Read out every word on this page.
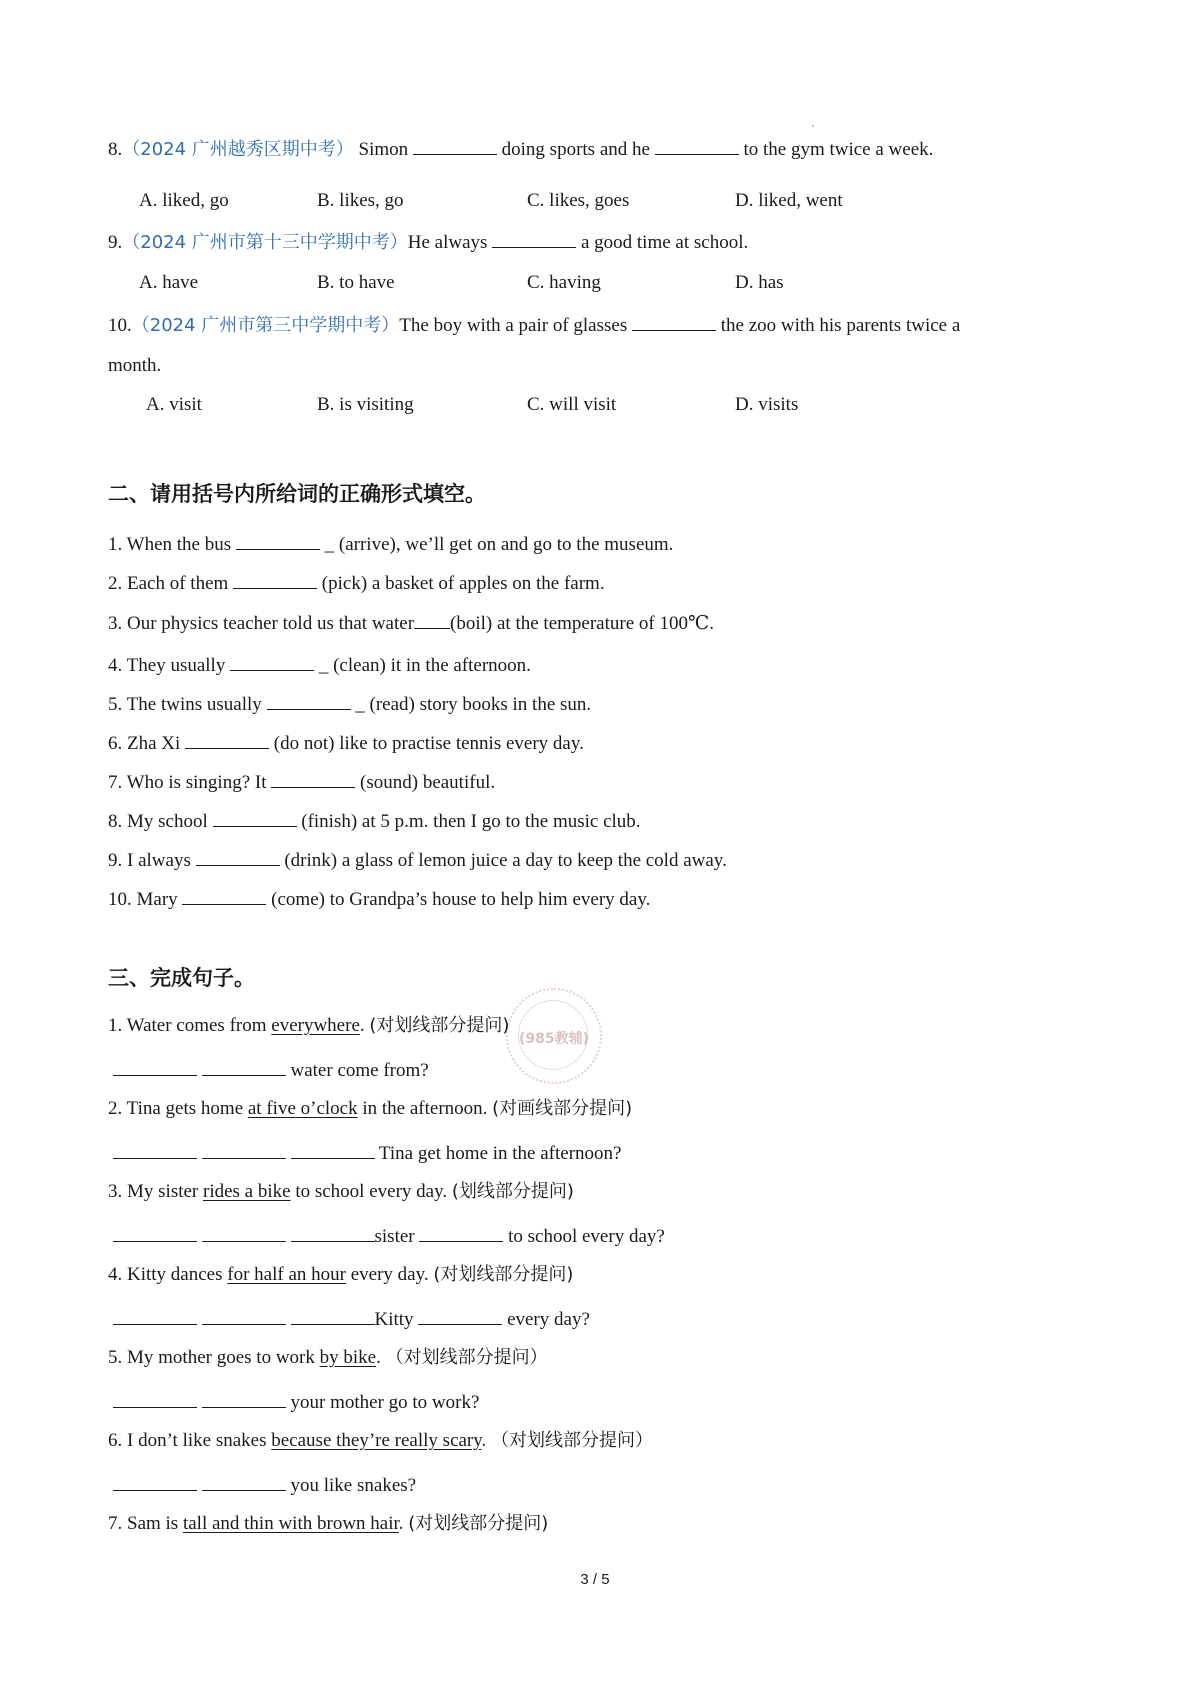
'
8.（2024 广州越秀区期中考） Simon	doing sports and he	to the gym twice a week.
A. liked, go	B. likes, go	C. likes, goes	D. liked, went
9.（2024 广州市第十三中学期中考）He always	a good time at school.
A. have	B. to have	C. having	D. has
10.（2024 广州市第三中学期中考）The boy with a pair of glasses	the zoo with his parents twice a
month.
A. visit	B. is visiting	C. will visit	D. visits
二、请用括号内所给词的正确形式填空。
1. When the bus	_ (arrive), we’ll get on and go to the museum.
2. Each of them	(pick) a basket of apples on the farm.
3. Our physics teacher told us that water (boil) at the temperature of 100℃.
4. They usually	_ (clean) it in the afternoon.
5. The twins usually	_ (read) story books in the sun.
6. Zha Xi	(do not) like to practise tennis every day.
7. Who is singing? It	(sound) beautiful.
8. My school	(finish) at 5 p.m. then I go to the music club.
9. I always	(drink) a glass of lemon juice a day to keep the cold away.
10. Mary	(come) to Grandpa’s house to help him every day.
三、完成句子。
(985教辅)
1. Water comes from everywhere. (对划线部分提问)
water come from?
2. Tina gets home at five o’clock in the afternoon. (对画线部分提问)
Tina get home in the afternoon?
3. My sister rides a bike to school every day. (划线部分提问)
sister	to school every day?
4. Kitty dances for half an hour every day. (对划线部分提问)
Kitty	every day?
5. My mother goes to work by bike. （对划线部分提问）
your mother go to work?
6. I don’t like snakes because they’re really scary. （对划线部分提问）
you like snakes?
7. Sam is tall and thin with brown hair. (对划线部分提问)
3 / 5
